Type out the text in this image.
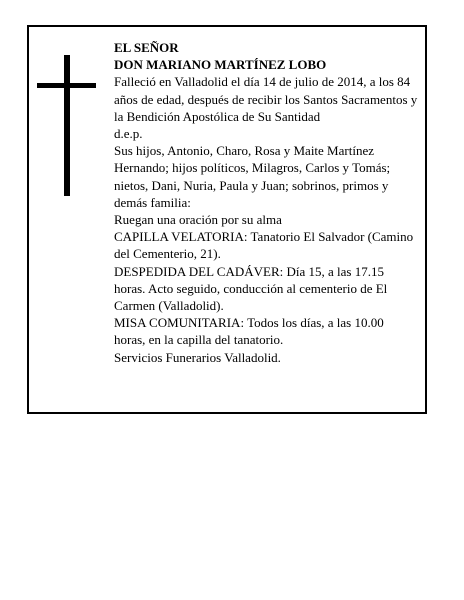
EL SEÑOR

DON MARIANO MARTÍNEZ LOBO

Falleció en Valladolid el día 14 de julio de 2014, a los 84 años de edad, después de recibir los Santos Sacramentos y la Bendición Apostólica de Su Santidad

d.e.p.

Sus hijos, Antonio, Charo, Rosa y Maite Martínez Hernando; hijos políticos, Milagros, Carlos y Tomás; nietos, Dani, Nuria, Paula y Juan; sobrinos, primos y demás familia:

Ruegan una oración por su alma

CAPILLA VELATORIA: Tanatorio El Salvador (Camino del Cementerio, 21).

DESPEDIDA DEL CADÁVER: Día 15, a las 17.15 horas. Acto seguido, conducción al cementerio de El Carmen (Valladolid).

MISA COMUNITARIA: Todos los días, a las 10.00 horas, en la capilla del tanatorio.

Servicios Funerarios Valladolid.
